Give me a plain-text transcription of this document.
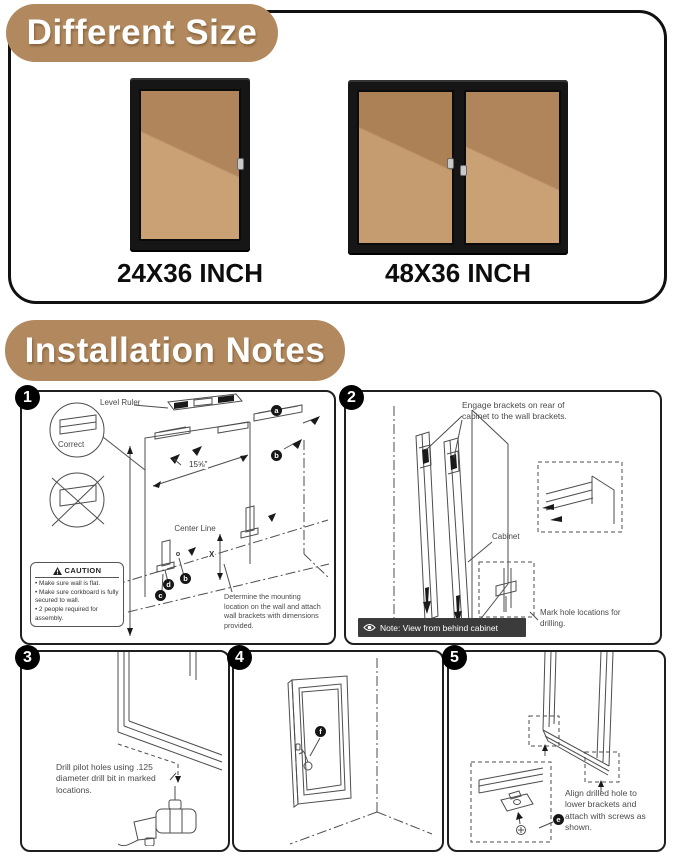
Different Size
24X36 INCH	48X36 INCH
Installation Notes
Level Ruler
a
b
Correct
15⅝"
Center Line
X
d
b
c
CAUTION
• Make sure wall is flat.
• Make sure corkboard is fully secured to wall.
• 2 people required for assembly.
Determine the mounting location on the wall and attach wall brackets with dimensions provided.
1	Engage brackets on rear of cabinet to the wall brackets.
Cabinet
Mark hole locations for drilling.
Note: View from behind cabinet
2
Drill pilot holes using .125 diameter drill bit in marked locations.
3
f
4
Align drilled hole to lower brackets and attach with screws as shown.
e
5
